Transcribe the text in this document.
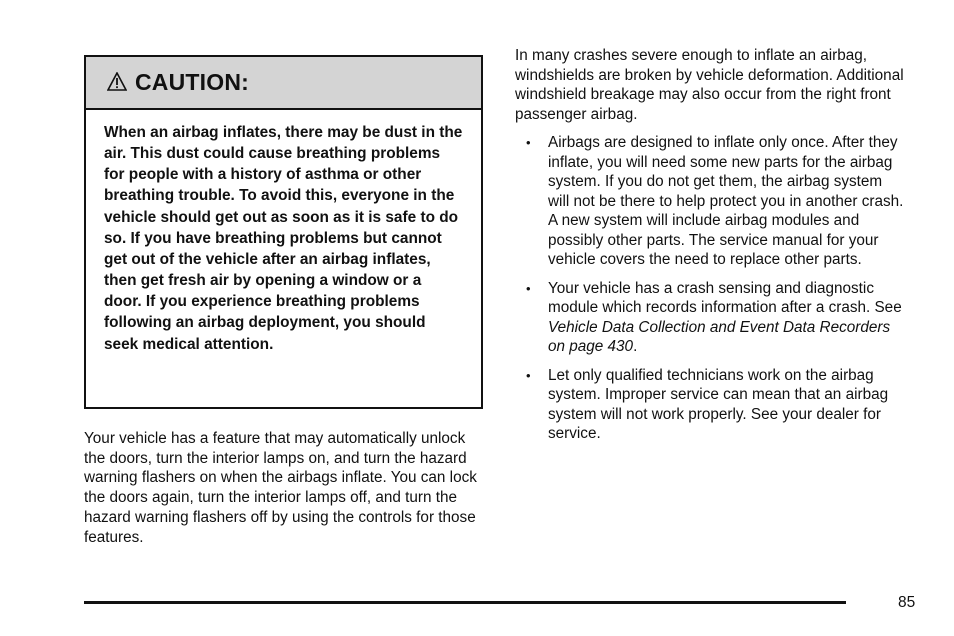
CAUTION:
When an airbag inflates, there may be dust in the air. This dust could cause breathing problems for people with a history of asthma or other breathing trouble. To avoid this, everyone in the vehicle should get out as soon as it is safe to do so. If you have breathing problems but cannot get out of the vehicle after an airbag inflates, then get fresh air by opening a window or a door. If you experience breathing problems following an airbag deployment, you should seek medical attention.
Your vehicle has a feature that may automatically unlock the doors, turn the interior lamps on, and turn the hazard warning flashers on when the airbags inflate. You can lock the doors again, turn the interior lamps off, and turn the hazard warning flashers off by using the controls for those features.

In many crashes severe enough to inflate an airbag, windshields are broken by vehicle deformation. Additional windshield breakage may also occur from the right front passenger airbag.

• Airbags are designed to inflate only once. After they inflate, you will need some new parts for the airbag system. If you do not get them, the airbag system will not be there to help protect you in another crash. A new system will include airbag modules and possibly other parts. The service manual for your vehicle covers the need to replace other parts.
• Your vehicle has a crash sensing and diagnostic module which records information after a crash. See Vehicle Data Collection and Event Data Recorders on page 430.
• Let only qualified technicians work on the airbag system. Improper service can mean that an airbag system will not work properly. See your dealer for service.
85
